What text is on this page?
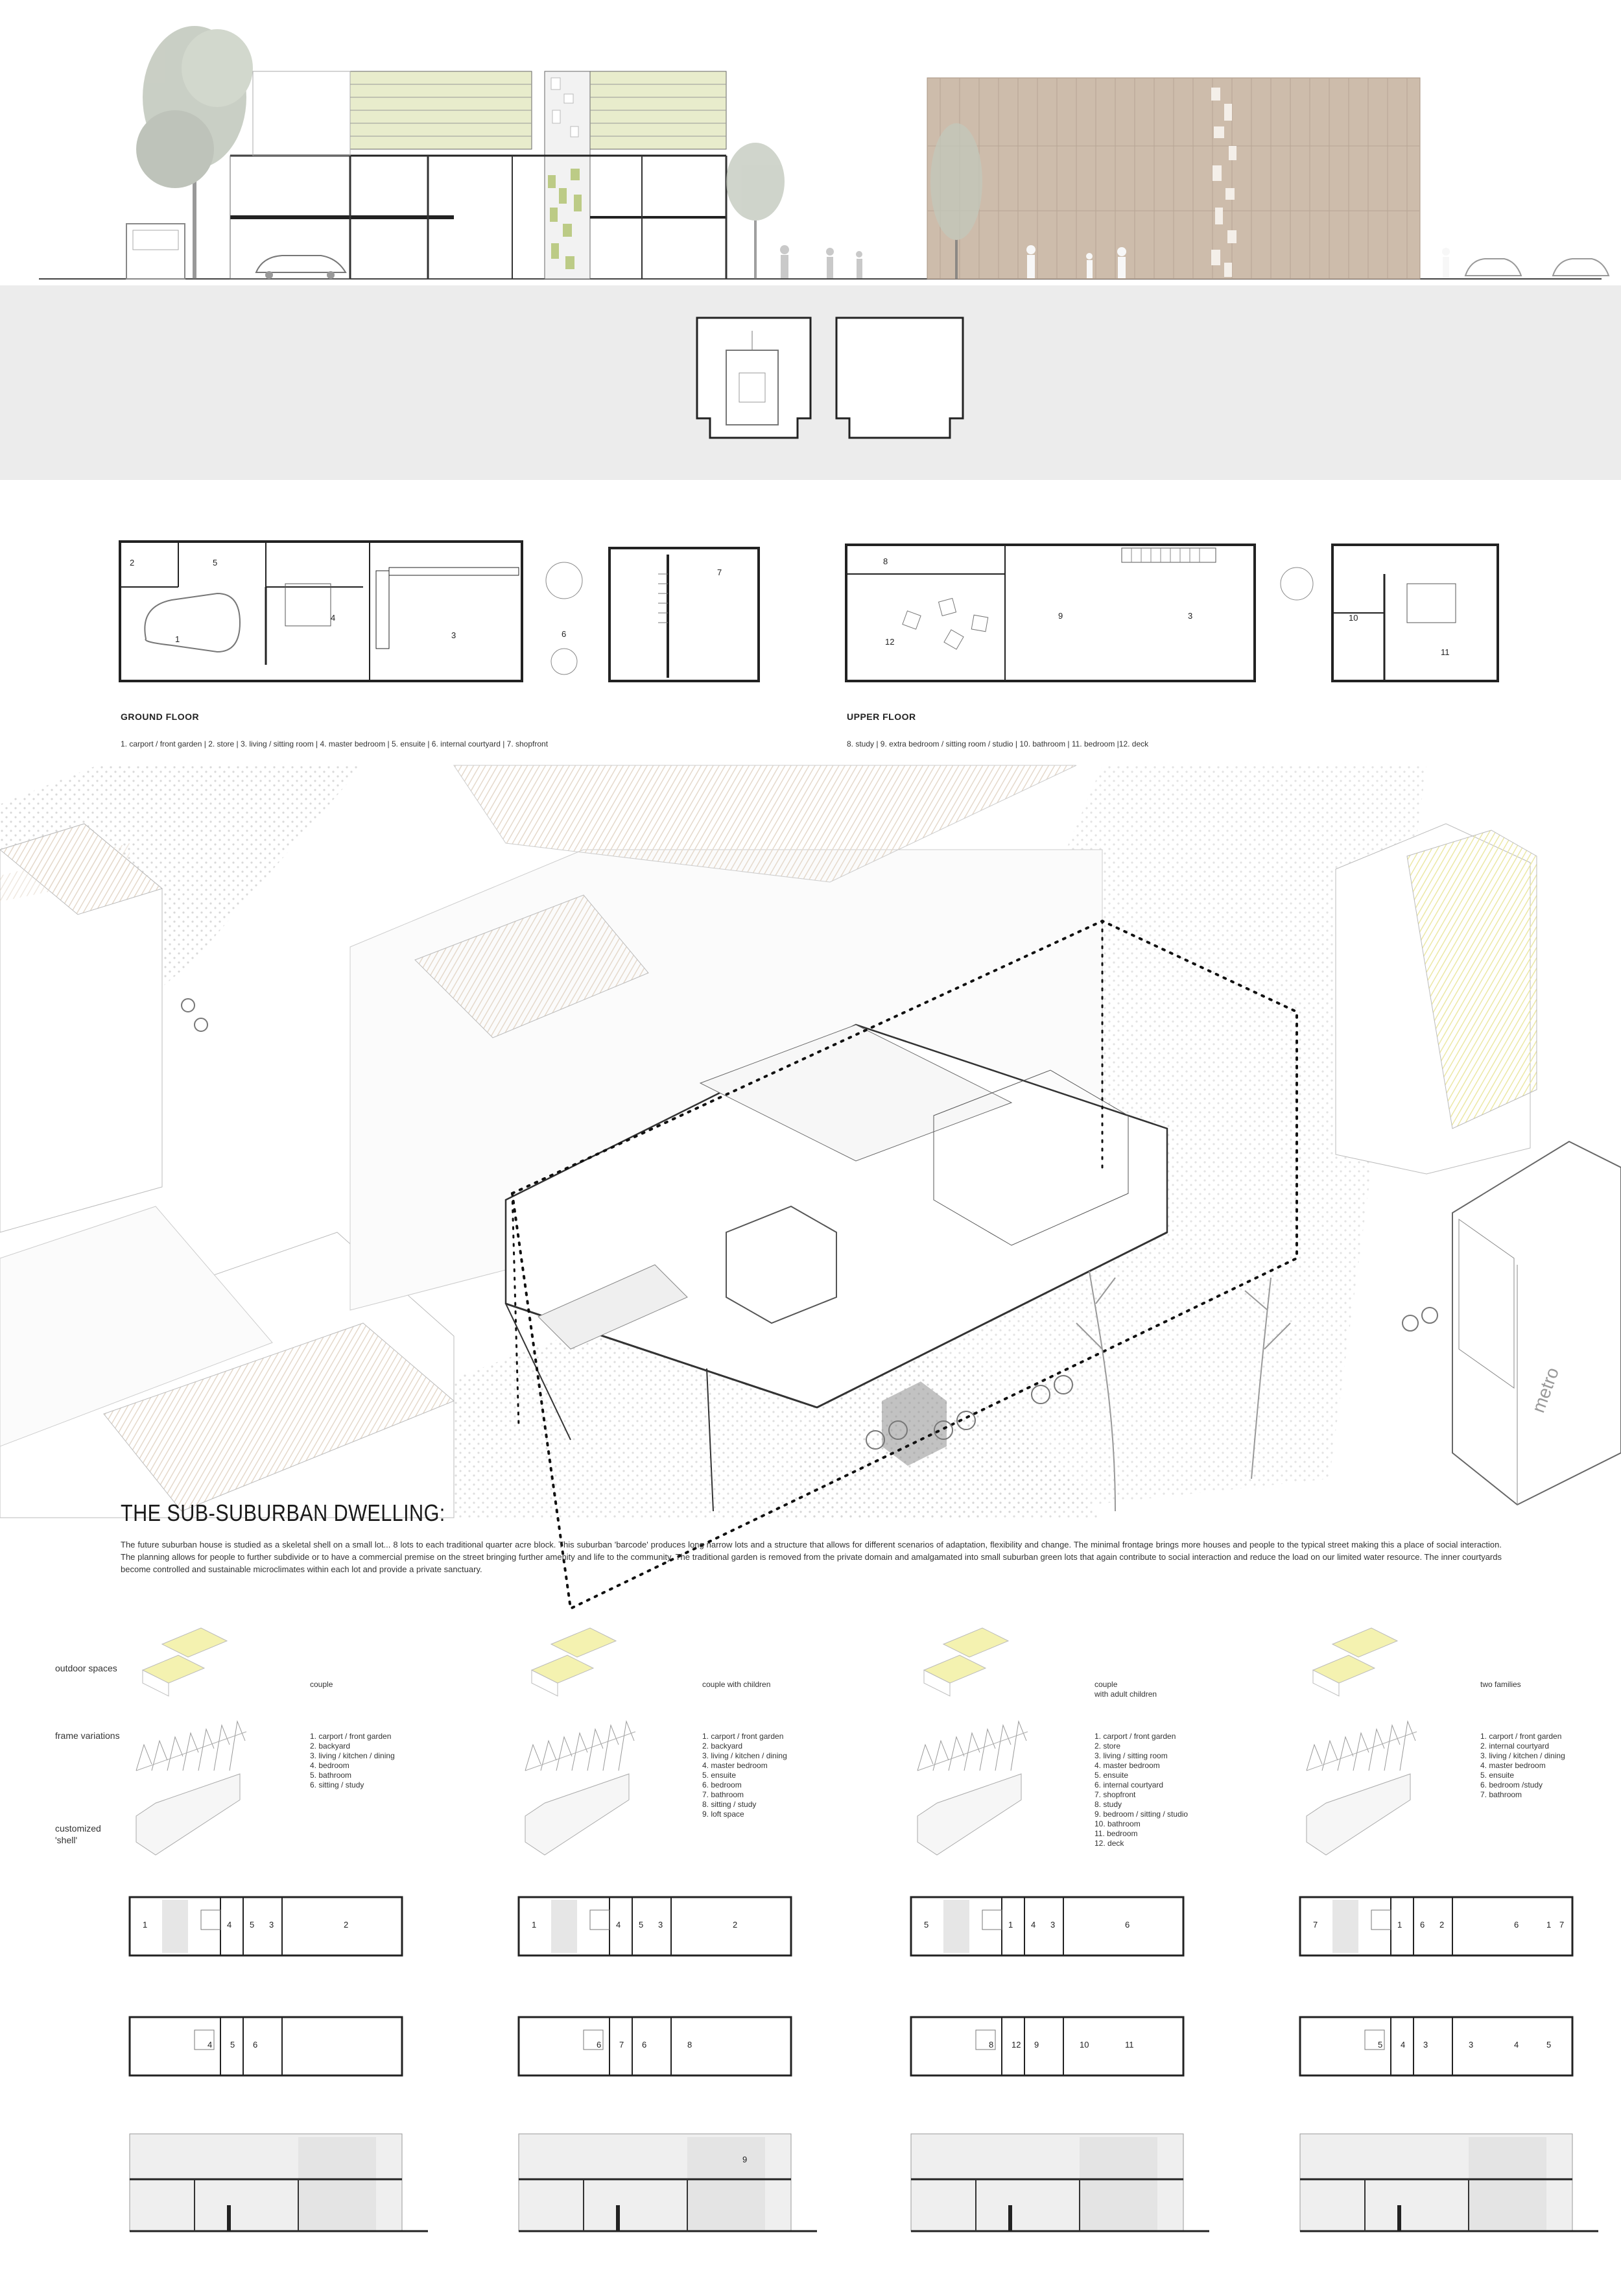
2
1	3
4
5
6
7
GROUND FLOOR
1. carport / front garden | 2. store | 3. living / sitting room | 4. master bedroom | 5. ensuite | 6. internal courtyard | 7. shopfront
8
9	3	10
11
12
UPPER FLOOR
8. study | 9. extra bedroom / sitting room / studio | 10. bathroom | 11. bedroom |12. deck
metro
THE SUB-SUBURBAN DWELLING:
The future suburban house is studied as a skeletal shell on a small lot... 8 lots to each traditional quarter acre block. This suburban 'barcode' produces long narrow lots and a structure that allows for different scenarios of adaptation, flexibility and change. The minimal frontage brings more houses and people to the typical street making this a place of social interaction. The planning allows for people to further subdivide or to have a commercial premise on the street bringing further amenity and life to the community. The traditional garden is removed from the private domain and amalgamated into small suburban green lots that again contribute to social interaction and reduce the load on our limited water resource. The inner courtyards become controlled and sustainable microclimates within each lot and provide a private sanctuary.
outdoor spaces
frame variations
customized
'shell'
couple
1. carport / front garden
2. backyard
3. living / kitchen / dining
4. bedroom
5. bathroom
6. sitting / study
couple with children
1. carport / front garden
2. backyard
3. living / kitchen / dining
4. master bedroom
5. ensuite
6. bedroom
7. bathroom
8. sitting / study
9. loft space
couple
with adult children
1. carport / front garden
2. store
3. living / sitting room
4. master bedroom
5. ensuite
6. internal courtyard
7. shopfront
8. study
9. bedroom / sitting / studio
10. bathroom
11. bedroom
12. deck
two families
1. carport / front garden
2. internal courtyard
3. living / kitchen / dining
4. master bedroom
5. ensuite
6. bedroom /study
7. bathroom
1	4 5 3	2
4 5 6
1	4 5 3	2
6 7 6	8
9
5	1 4 3	6
8 12 9	10	11
7	1 6 2	6	1 7
5 4 3	3	4	5
